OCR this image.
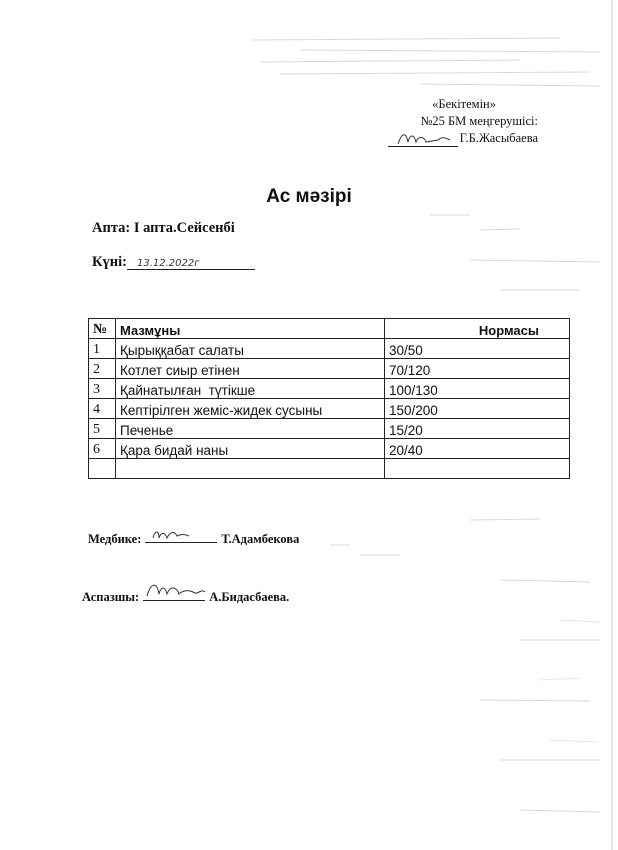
«Бекітемін»
№25 БМ меңгерушісі:
Г.Б.Жасыбаева
Ас мәзірі
Апта: І апта.Сейсенбі
Күні: 13.12.2022г
№	Мазмұны	Нормасы
1	Қырыққабат салаты	30/50
2	Котлет сиыр етінен	70/120
3	Қайнатылған  түтікше	100/130
4	Кептірілген жеміс-жидек сусыны	150/200
5	Печенье	15/20
6	Қара бидай наны	20/40

Медбике:	Т.Адамбекова
Аспазшы:	А.Бидасбаева.
